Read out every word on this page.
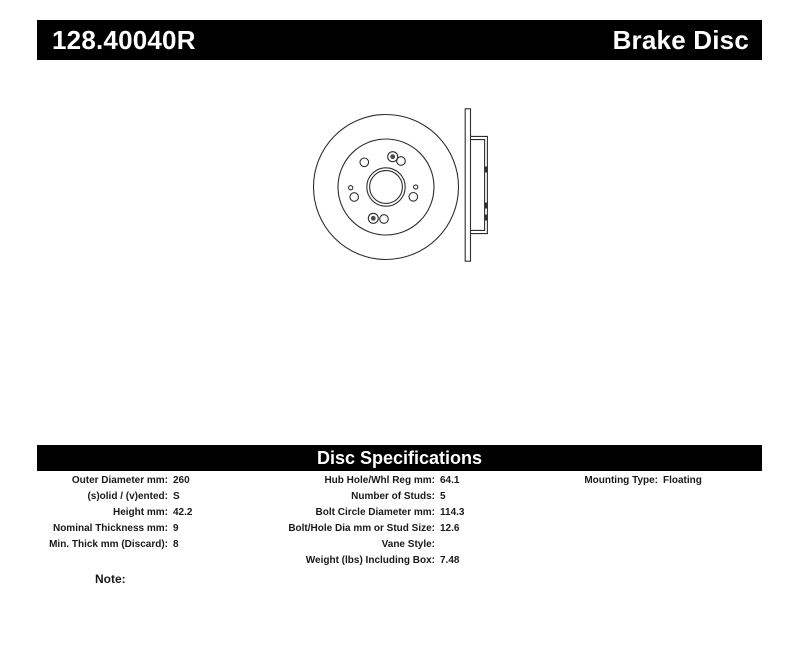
128.40040R	Brake Disc
Disc Specifications
Outer Diameter mm: 260
(s)olid / (v)ented: S
Height mm: 42.2
Nominal Thickness mm: 9
Min. Thick mm (Discard): 8
Hub Hole/Whl Reg mm: 64.1
Number of Studs: 5
Bolt Circle Diameter mm: 114.3
Bolt/Hole Dia mm or Stud Size: 12.6
Vane Style:
Weight (lbs) Including Box: 7.48
Mounting Type: Floating
Note:
